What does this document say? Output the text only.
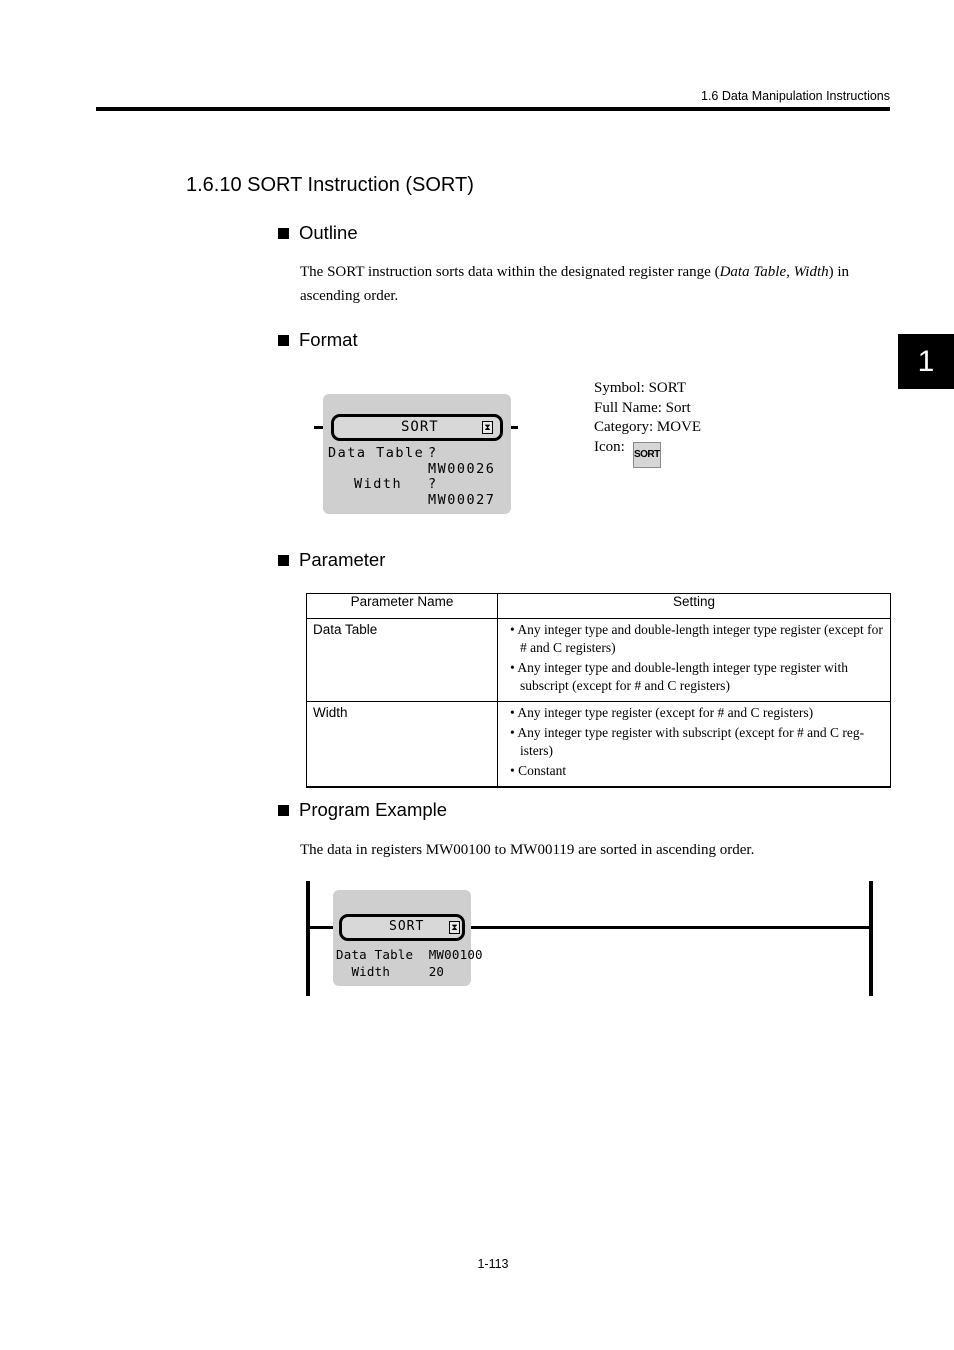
1.6 Data Manipulation Instructions
1
1.6.10 SORT Instruction (SORT)
Outline
The SORT instruction sorts data within the designated register range (Data Table, Width) in ascending order.
Format
SORT	⧗
Data Table ?
MW00026
Width ?
MW00027
Symbol: SORT
Full Name: Sort
Category: MOVE
Icon: SORT
Parameter
Parameter Name	Setting
Data Table	• Any integer type and double-length integer type register (except for # and C registers)
• Any integer type and double-length integer type register with subscript (except for # and C registers)

Width	• Any integer type register (except for # and C registers)
• Any integer type register with subscript (except for # and C reg- isters)
• Constant
Program Example
The data in registers MW00100 to MW00119 are sorted in ascending order.
SORT	⧗
Data Table  MW00100
Width     20
1-113
